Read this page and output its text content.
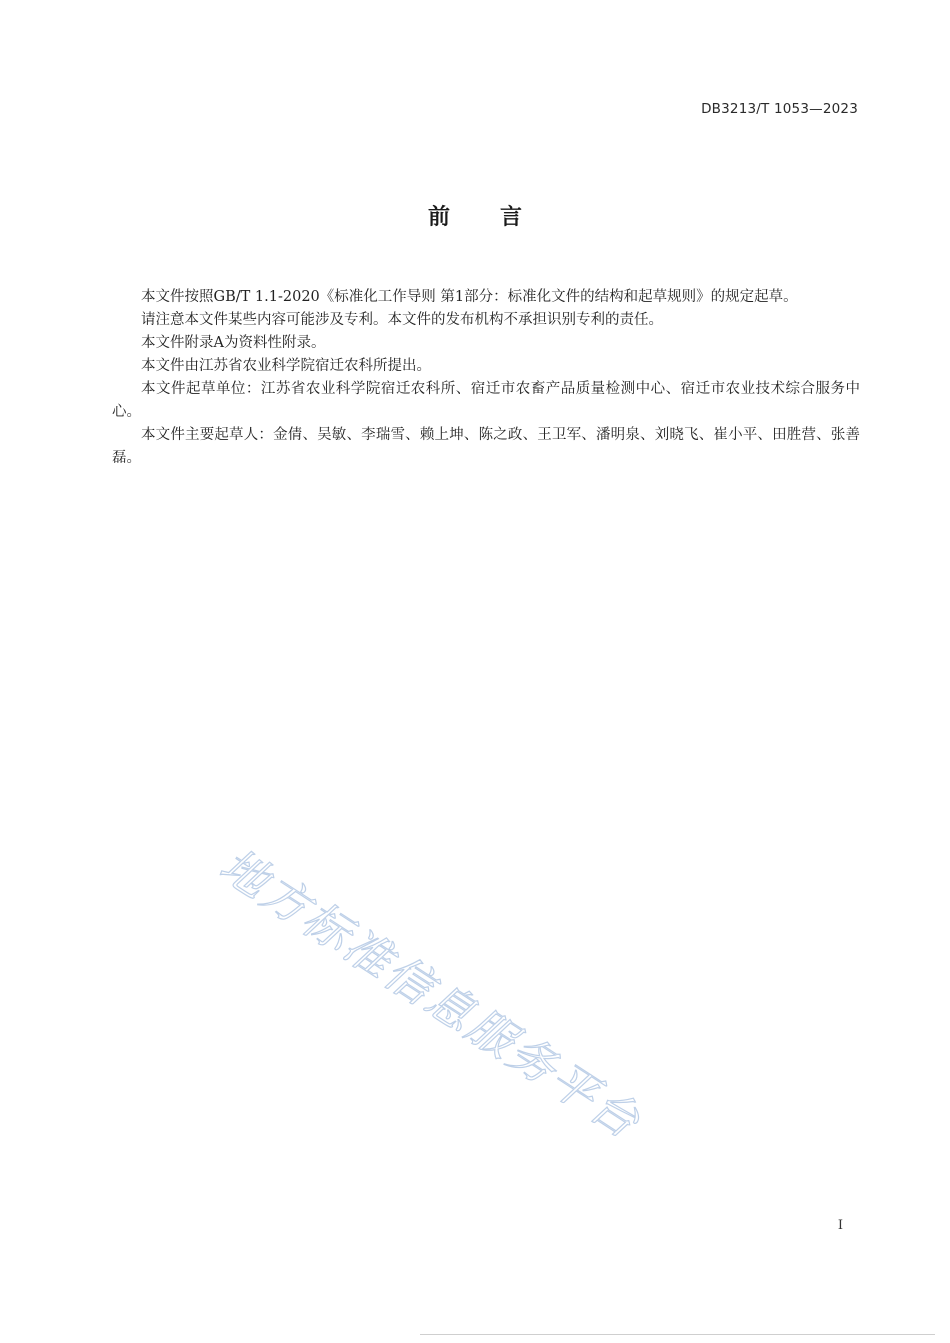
DB3213/T 1053—2023
前言

本文件按照GB/T 1.1-2020《标准化工作导则 第1部分：标准化文件的结构和起草规则》的规定起草。

请注意本文件某些内容可能涉及专利。本文件的发布机构不承担识别专利的责任。

本文件附录A为资料性附录。

本文件由江苏省农业科学院宿迁农科所提出。

本文件起草单位：江苏省农业科学院宿迁农科所、宿迁市农畜产品质量检测中心、宿迁市农业技术综合服务中心。

本文件主要起草人：金倩、吴敏、李瑞雪、赖上坤、陈之政、王卫军、潘明泉、刘晓飞、崔小平、田胜营、张善磊。

地方标准信息服务平台
I
